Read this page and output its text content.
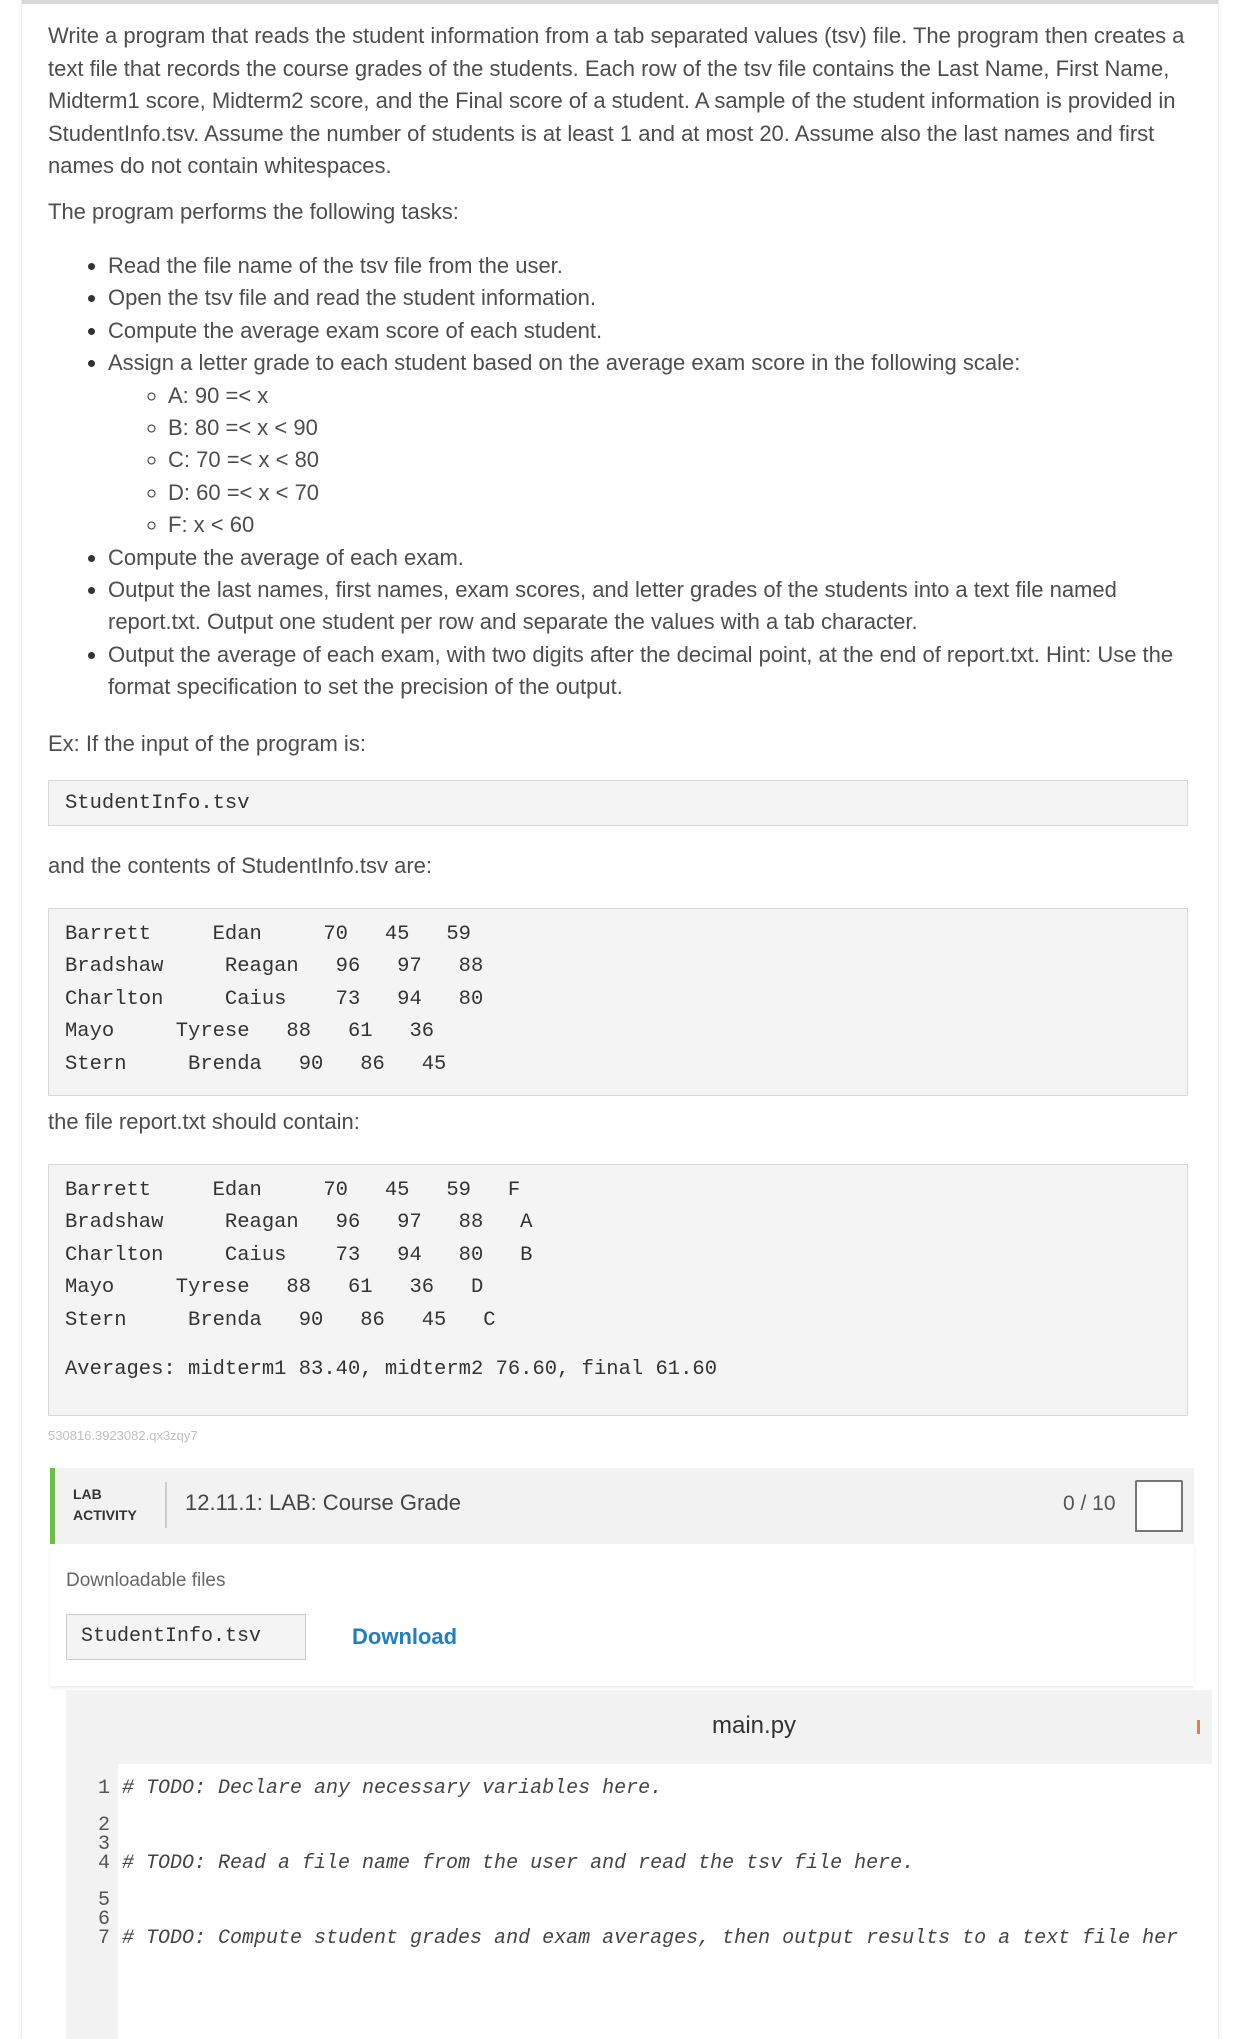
Write a program that reads the student information from a tab separated values (tsv) file. The program then creates a text file that records the course grades of the students. Each row of the tsv file contains the Last Name, First Name, Midterm1 score, Midterm2 score, and the Final score of a student. A sample of the student information is provided in StudentInfo.tsv. Assume the number of students is at least 1 and at most 20. Assume also the last names and first names do not contain whitespaces.

The program performs the following tasks:

• Read the file name of the tsv file from the user.
• Open the tsv file and read the student information.
• Compute the average exam score of each student.
• Assign a letter grade to each student based on the average exam score in the following scale:
◦ A: 90 =< x
◦ B: 80 =< x < 90
◦ C: 70 =< x < 80
◦ D: 60 =< x < 70
◦ F: x < 60
• Compute the average of each exam.
• Output the last names, first names, exam scores, and letter grades of the students into a text file named report.txt. Output one student per row and separate the values with a tab character.
• Output the average of each exam, with two digits after the decimal point, at the end of report.txt. Hint: Use the format specification to set the precision of the output.

Ex: If the input of the program is:

StudentInfo.tsv

and the contents of StudentInfo.tsv are:

Barrett     Edan     70   45   59
Bradshaw     Reagan   96   97   88
Charlton     Caius    73   94   80
Mayo     Tyrese   88   61   36
Stern     Brenda   90   86   45

the file report.txt should contain:

Barrett     Edan     70   45   59   F
Bradshaw     Reagan   96   97   88   A
Charlton     Caius    73   94   80   B
Mayo     Tyrese   88   61   36   D
Stern     Brenda   90   86   45   C
Averages: midterm1 83.40, midterm2 76.60, final 61.60
530816.3923082.qx3zqy7
LAB
ACTIVITY 12.11.1: LAB: Course Grade	0 / 10
Downloadable files
StudentInfo.tsv	Download
main.py
1 # TODO: Declare any necessary variables here.
2
3
4 # TODO: Read a file name from the user and read the tsv file here.
5
6
7 # TODO: Compute student grades and exam averages, then output results to a text file her
